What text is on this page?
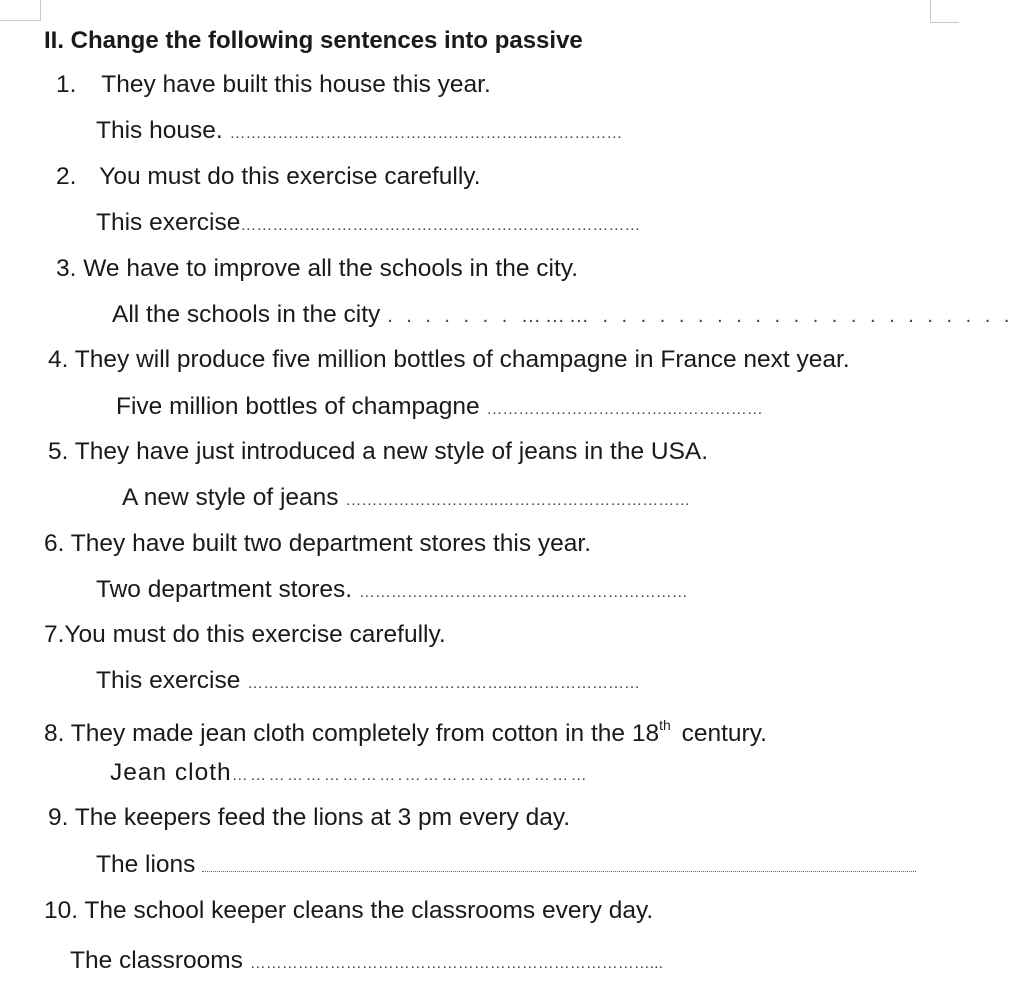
II. Change the following sentences into passive
1. They have built this house this year.
This house. …………………………………………………..……………
2. You must do this exercise carefully.
This exercise…………………………………………………………………
3. We have to improve all the schools in the city.
All the schools in the city . . . . . . . ……… . . . . . . . . . . . . . . . . . . . . . .
4. They will produce five million bottles of champagne in France next year.
Five million bottles of champagne …………………………….………………
5. They have just introduced a new style of jeans in the USA.
A new style of jeans ………………………..………………………………
6. They have built two department stores this year.
Two department stores. ………………………………..……………………
7.You must do this exercise carefully.
This exercise …………………………………………..……………………
8. They made jean cloth completely from cotton in the 18th century.
Jean cloth… … … … … … … … … . … … … … … … … … … …
9. The keepers feed the lions at 3 pm every day.
The lions
10. The school keeper cleans the classrooms every day.
The classrooms …………………………………………………………………...
